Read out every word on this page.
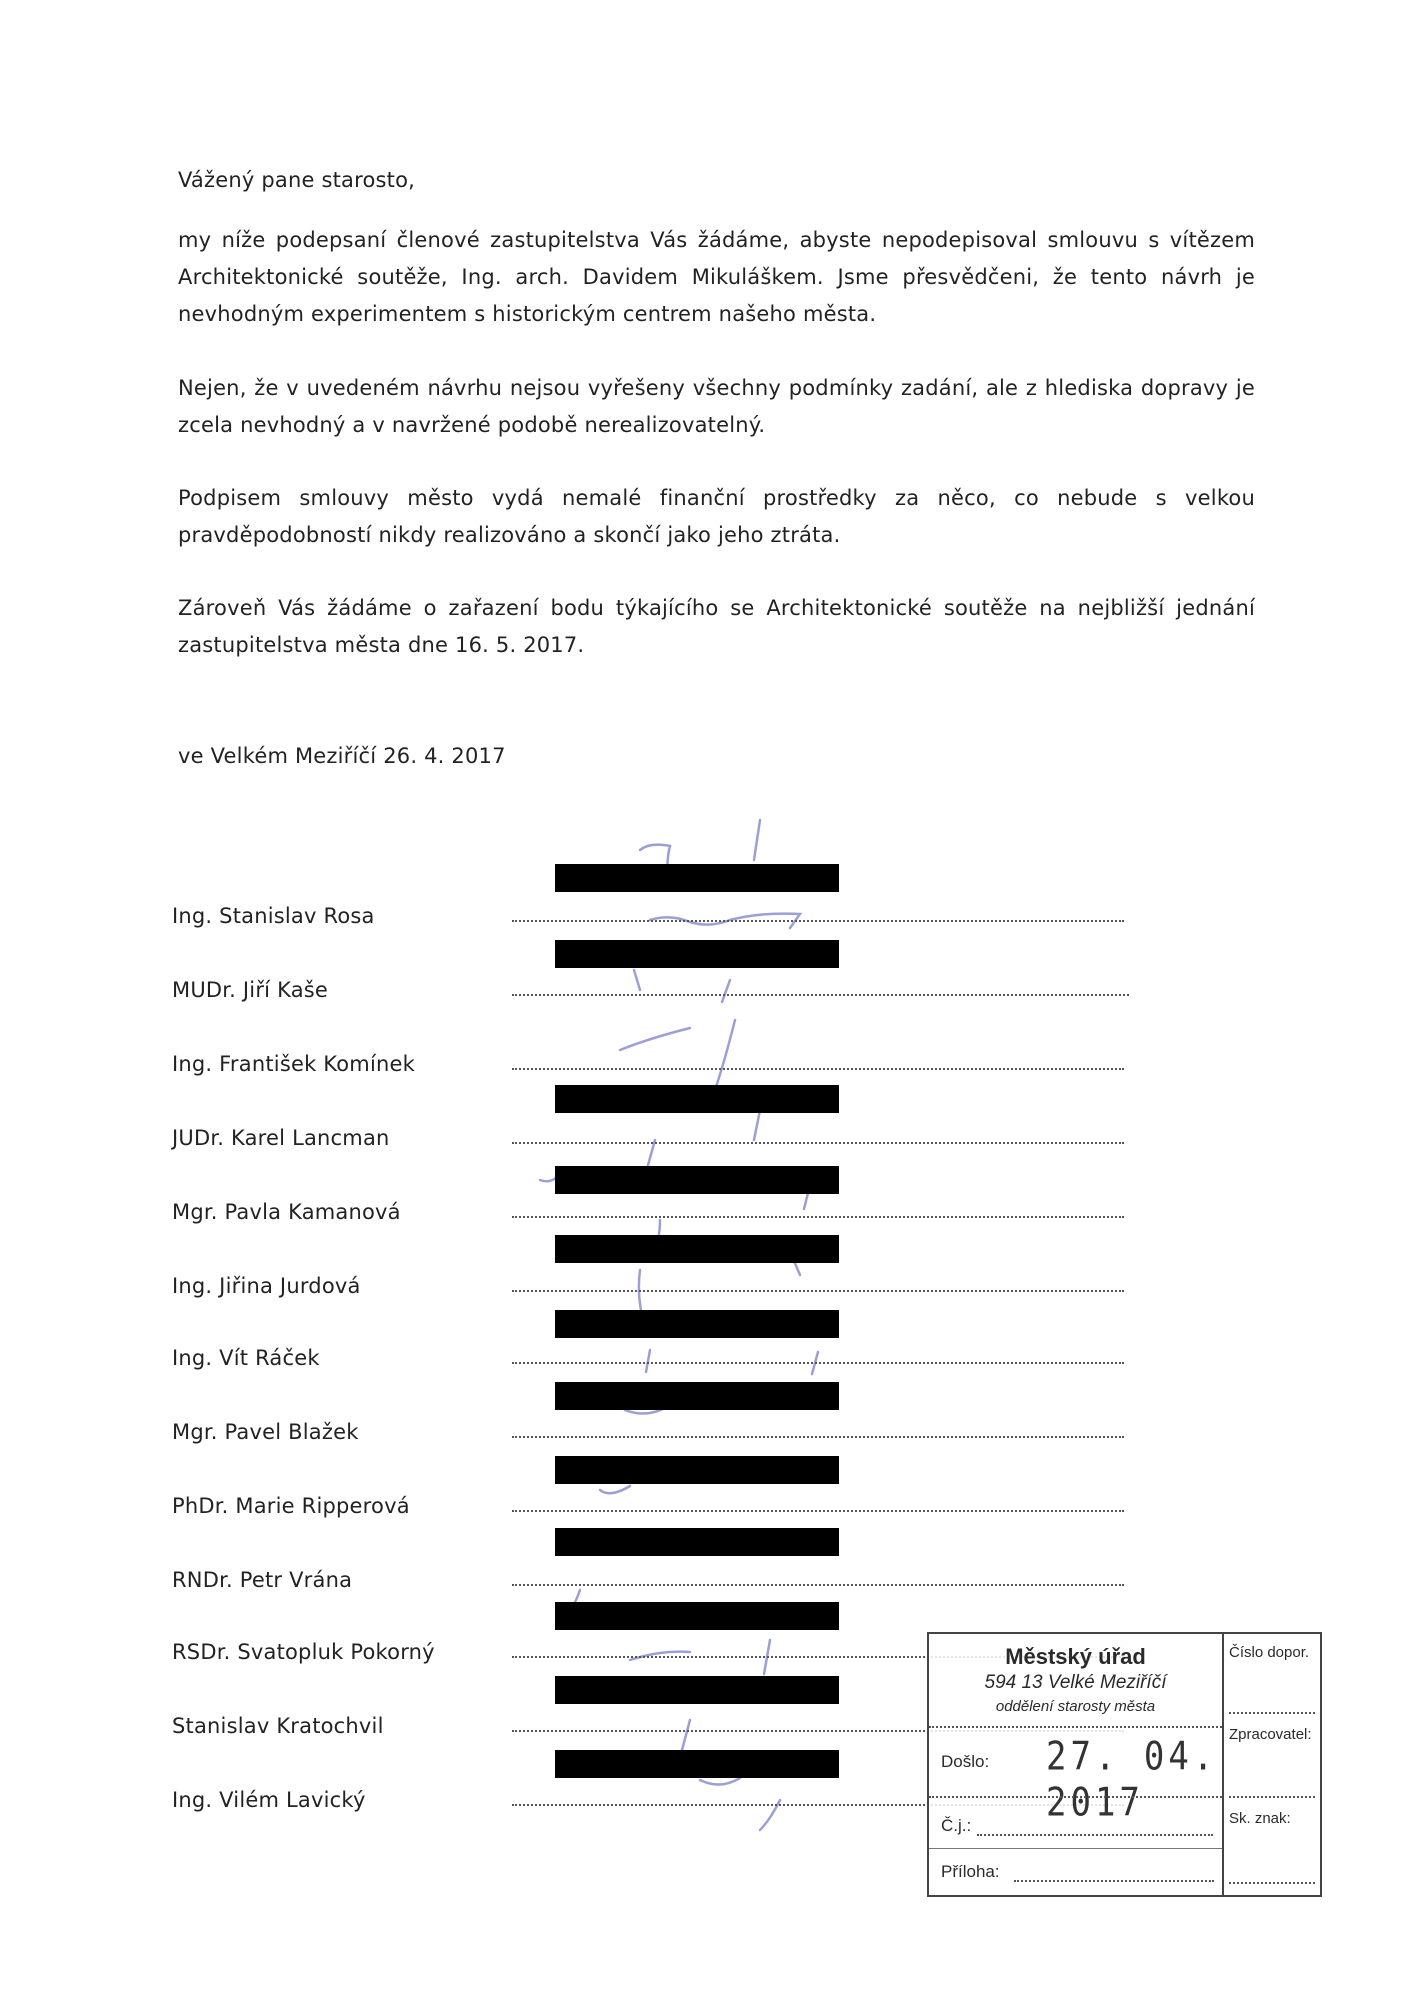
Vážený pane starosto,
my níže podepsaní členové zastupitelstva Vás žádáme, abyste nepodepisoval smlouvu s vítězem Architektonické soutěže, Ing. arch. Davidem Mikuláškem. Jsme přesvědčeni, že tento návrh je nevhodným experimentem s historickým centrem našeho města.
Nejen, že v uvedeném návrhu nejsou vyřešeny všechny podmínky zadání, ale z hlediska dopravy je zcela nevhodný a v navržené podobě nerealizovatelný.
Podpisem smlouvy město vydá nemalé finanční prostředky za něco, co nebude s velkou pravděpodobností nikdy realizováno a skončí jako jeho ztráta.
Zároveň Vás žádáme o zařazení bodu týkajícího se Architektonické soutěže na nejbližší jednání zastupitelstva města dne 16. 5. 2017.
ve Velkém Meziříčí 26. 4. 2017
Ing. Stanislav Rosa
MUDr. Jiří Kaše
Ing. František Komínek
JUDr. Karel Lancman
Mgr. Pavla Kamanová
Ing. Jiřina Jurdová
Ing. Vít Ráček
Mgr. Pavel Blažek
PhDr. Marie Ripperová
RNDr. Petr Vrána
RSDr. Svatopluk Pokorný
Stanislav Kratochvil
Ing. Vilém Lavický
Městský úřad
594 13 Velké Meziříčí
oddělení starosty města
Došlo: 27. 04. 2017
Č.j.:
Příloha:
Číslo dopor.
Zpracovatel:
Sk. znak:
